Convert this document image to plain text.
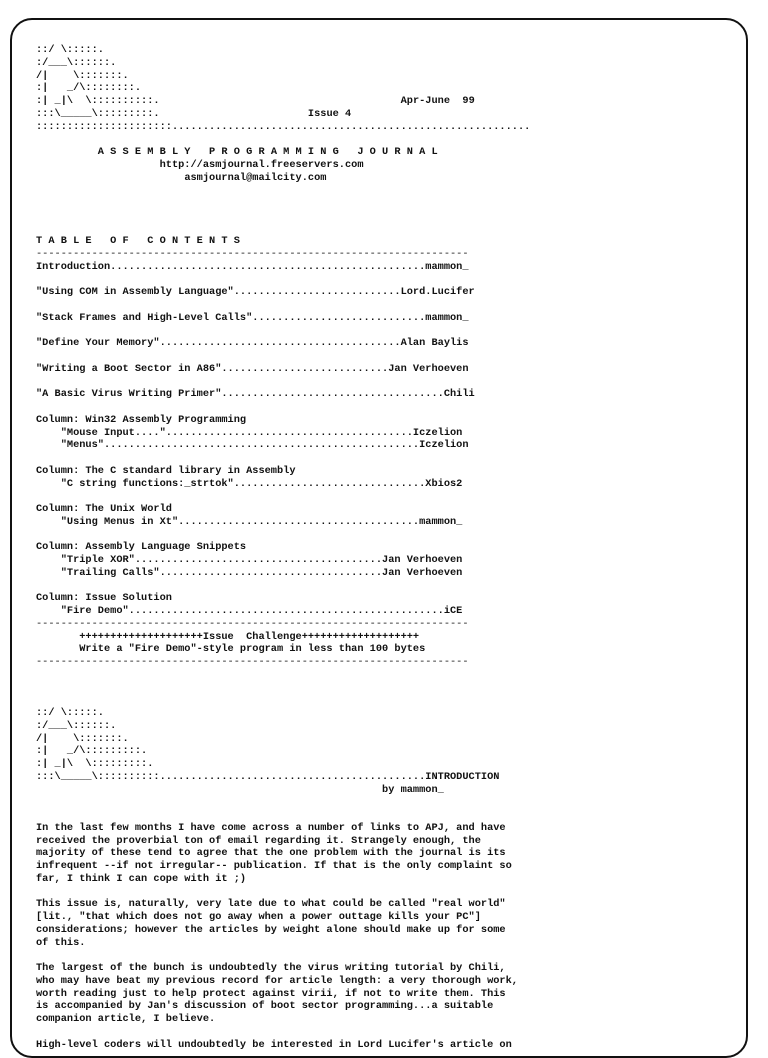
::/ \:::::.
:/___\::::::.
/|    \:::::::.
:|   _/\::::::::.
:| _|\  \::::::::::.	Apr-June  99
:::\_____\:::::::::.	Issue 4
::::::::::::::::::::::..........................................................

A S S E M B L Y   P R O G R A M M I N G   J O U R N A L
http://asmjournal.freeservers.com
asmjournal@mailcity.com

T A B L E   O F   C O N T E N T S
----------------------------------------------------------------------
Introduction...................................................mammon_

"Using COM in Assembly Language"...........................Lord.Lucifer

"Stack Frames and High-Level Calls"............................mammon_

"Define Your Memory".......................................Alan Baylis

"Writing a Boot Sector in A86"...........................Jan Verhoeven

"A Basic Virus Writing Primer"....................................Chili

Column: Win32 Assembly Programming
"Mouse Input...."........................................Iczelion
"Menus"...................................................Iczelion

Column: The C standard library in Assembly
"C string functions:_strtok"...............................Xbios2

Column: The Unix World
"Using Menus in Xt".......................................mammon_

Column: Assembly Language Snippets
"Triple XOR"........................................Jan Verhoeven
"Trailing Calls"....................................Jan Verhoeven

Column: Issue Solution
"Fire Demo"...................................................iCE
----------------------------------------------------------------------
++++++++++++++++++++Issue  Challenge+++++++++++++++++++
Write a "Fire Demo"-style program in less than 100 bytes
----------------------------------------------------------------------

::/ \:::::.
:/___\::::::.
/|    \:::::::.
:|   _/\:::::::::.
:| _|\  \:::::::::.
:::\_____\::::::::::...........................................INTRODUCTION
by mammon_

In the last few months I have come across a number of links to APJ, and have
received the proverbial ton of email regarding it. Strangely enough, the
majority of these tend to agree that the one problem with the journal is its
infrequent --if not irregular-- publication. If that is the only complaint so
far, I think I can cope with it ;)

This issue is, naturally, very late due to what could be called "real world"
[lit., "that which does not go away when a power outtage kills your PC"]
considerations; however the articles by weight alone should make up for some
of this.

The largest of the bunch is undoubtedly the virus writing tutorial by Chili,
who may have beat my previous record for article length: a very thorough work,
worth reading just to help protect against virii, if not to write them. This
is accompanied by Jan's discussion of boot sector programming...a suitable
companion article, I believe.

High-level coders will undoubtedly be interested in Lord Lucifer's article on
